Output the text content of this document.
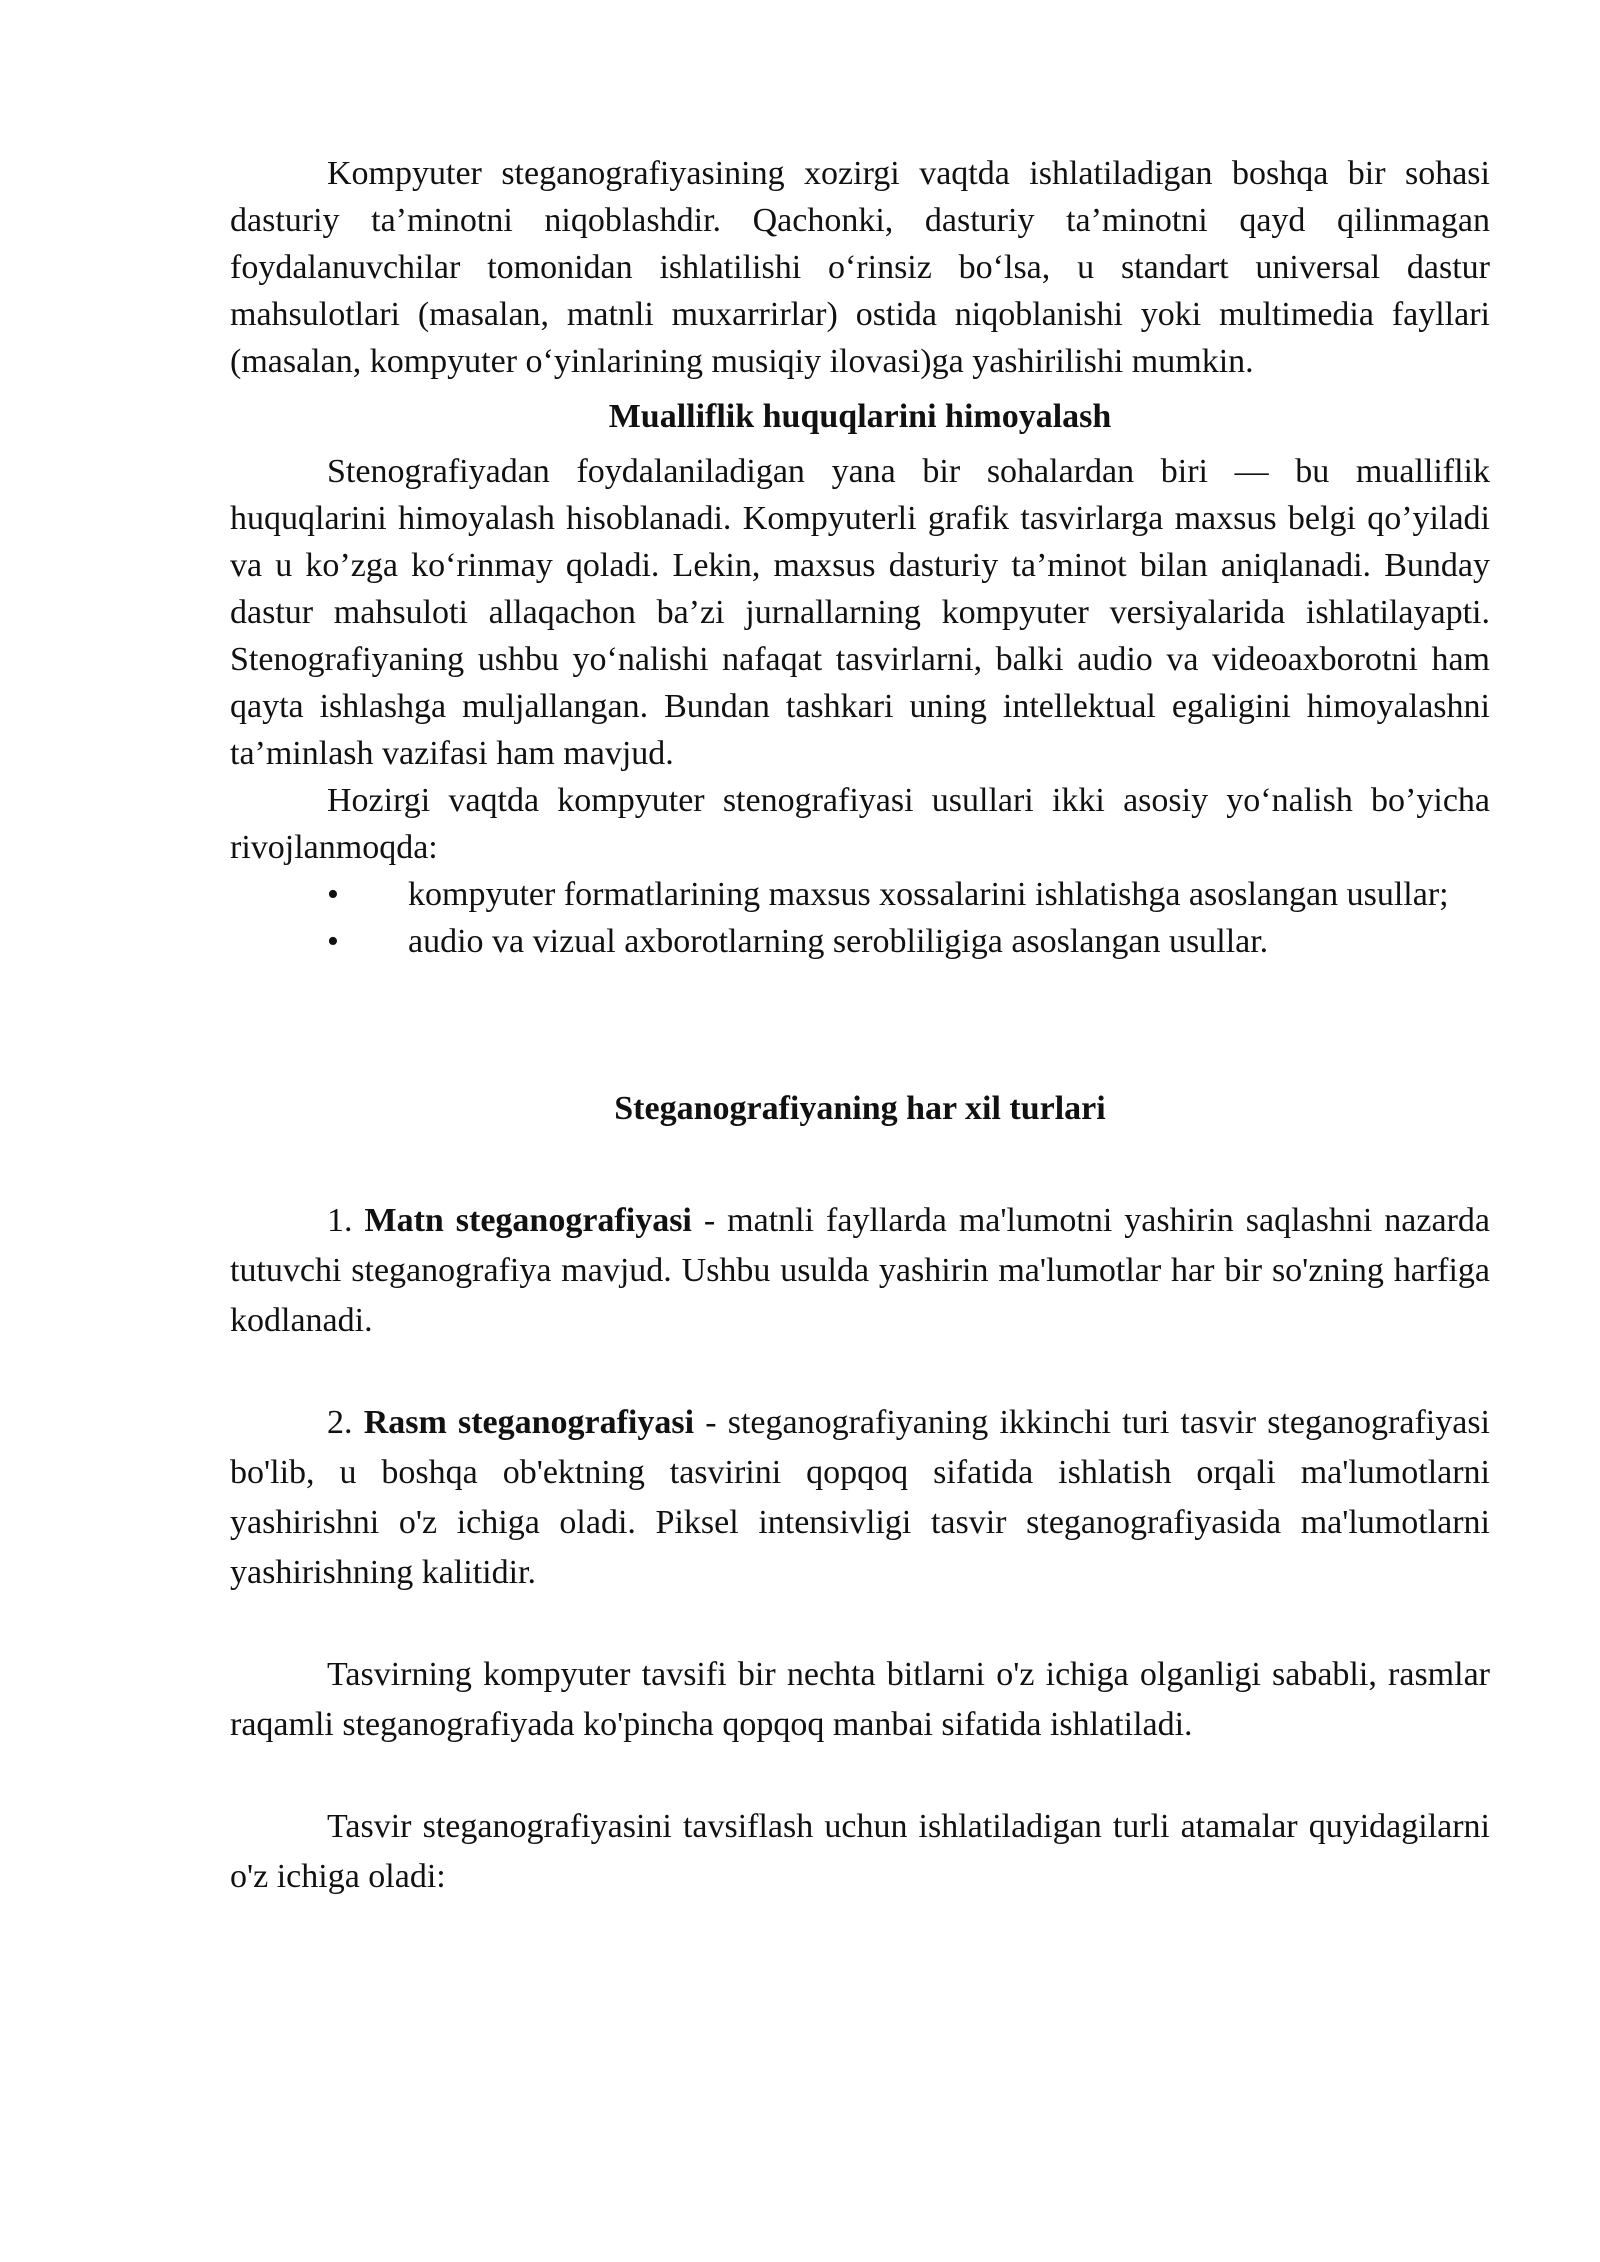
Kompyuter steganografiyasining xozirgi vaqtda ishlatiladigan boshqa bir sohasi dasturiy ta’minotni niqoblashdir. Qachonki, dasturiy ta’minotni qayd qilinmagan foydalanuvchilar tomonidan ishlatilishi o‘rinsiz bo‘lsa, u standart universal dastur mahsulotlari (masalan, matnli muxarrirlar) ostida niqoblanishi yoki multimedia fayllari (masalan, kompyuter o‘yinlarining musiqiy ilovasi)ga yashirilishi mumkin.

Mualliflik huquqlarini himoyalash

Stenografiyadan foydalaniladigan yana bir sohalardan biri — bu mualliflik huquqlarini himoyalash hisoblanadi. Kompyuterli grafik tasvirlarga maxsus belgi qo’yiladi va u ko’zga ko‘rinmay qoladi. Lekin, maxsus dasturiy ta’minot bilan aniqlanadi. Bunday dastur mahsuloti allaqachon ba’zi jurnallarning kompyuter versiyalarida ishlatilayapti. Stenografiyaning ushbu yo‘nalishi nafaqat tasvirlarni, balki audio va videoaxborotni ham qayta ishlashga muljallangan. Bundan tashkari uning intellektual egaligini himoyalashni ta’minlash vazifasi ham mavjud.

Hozirgi vaqtda kompyuter stenografiyasi usullari ikki asosiy yo‘nalish bo’yicha rivojlanmoqda:

• kompyuter formatlarining maxsus xossalarini ishlatishga asoslangan usullar;

• audio va vizual axborotlarning serobliligiga asoslangan usullar.

Steganografiyaning har xil turlari

1. Matn steganografiyasi - matnli fayllarda ma'lumotni yashirin saqlashni nazarda tutuvchi steganografiya mavjud. Ushbu usulda yashirin ma'lumotlar har bir so'zning harfiga kodlanadi.

2. Rasm steganografiyasi - steganografiyaning ikkinchi turi tasvir steganografiyasi bo'lib, u boshqa ob'ektning tasvirini qopqoq sifatida ishlatish orqali ma'lumotlarni yashirishni o'z ichiga oladi. Piksel intensivligi tasvir steganografiyasida ma'lumotlarni yashirishning kalitidir.

Tasvirning kompyuter tavsifi bir nechta bitlarni o'z ichiga olganligi sababli, rasmlar raqamli steganografiyada ko'pincha qopqoq manbai sifatida ishlatiladi.

Tasvir steganografiyasini tavsiflash uchun ishlatiladigan turli atamalar quyidagilarni o'z ichiga oladi:
